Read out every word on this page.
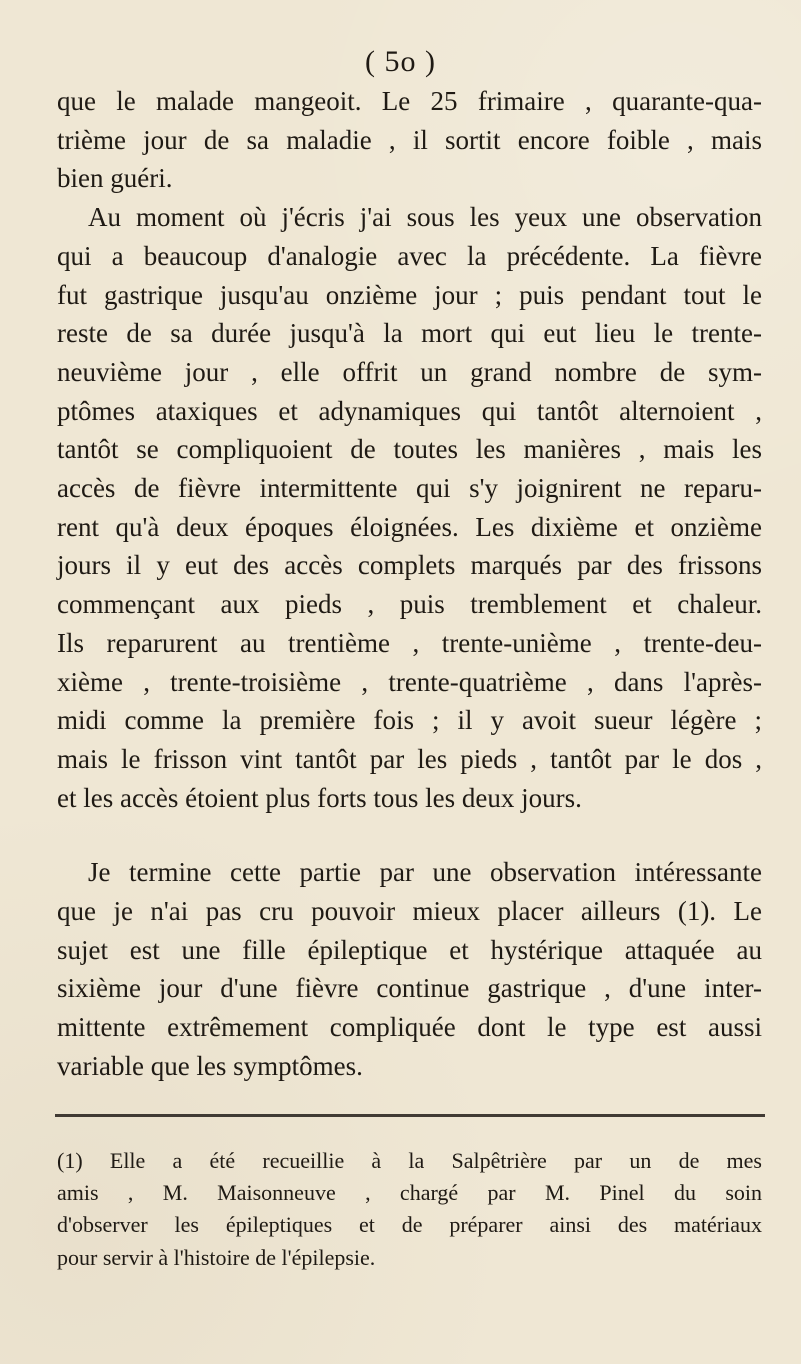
( 5o )
que le malade mangeoit. Le 25 frimaire , quarante-qua-
trième jour de sa maladie , il sortit encore foible , mais
bien guéri.
Au moment où j'écris j'ai sous les yeux une observation
qui a beaucoup d'analogie avec la précédente. La fièvre
fut gastrique jusqu'au onzième jour ; puis pendant tout le
reste de sa durée jusqu'à la mort qui eut lieu le trente-
neuvième jour , elle offrit un grand nombre de sym-
ptômes ataxiques et adynamiques qui tantôt alternoient ,
tantôt se compliquoient de toutes les manières , mais les
accès de fièvre intermittente qui s'y joignirent ne reparu-
rent qu'à deux époques éloignées. Les dixième et onzième
jours il y eut des accès complets marqués par des frissons
commençant aux pieds , puis tremblement et chaleur.
Ils reparurent au trentième , trente-unième , trente-deu-
xième , trente-troisième , trente-quatrième , dans l'après-
midi comme la première fois ; il y avoit sueur légère ;
mais le frisson vint tantôt par les pieds , tantôt par le dos ,
et les accès étoient plus forts tous les deux jours.
Je termine cette partie par une observation intéressante
que je n'ai pas cru pouvoir mieux placer ailleurs (1). Le
sujet est une fille épileptique et hystérique attaquée au
sixième jour d'une fièvre continue gastrique , d'une inter-
mittente extrêmement compliquée dont le type est aussi
variable que les symptômes.
(1) Elle a été recueillie à la Salpêtrière par un de mes
amis , M. Maisonneuve , chargé par M. Pinel du soin
d'observer les épileptiques et de préparer ainsi des matériaux
pour servir à l'histoire de l'épilepsie.
